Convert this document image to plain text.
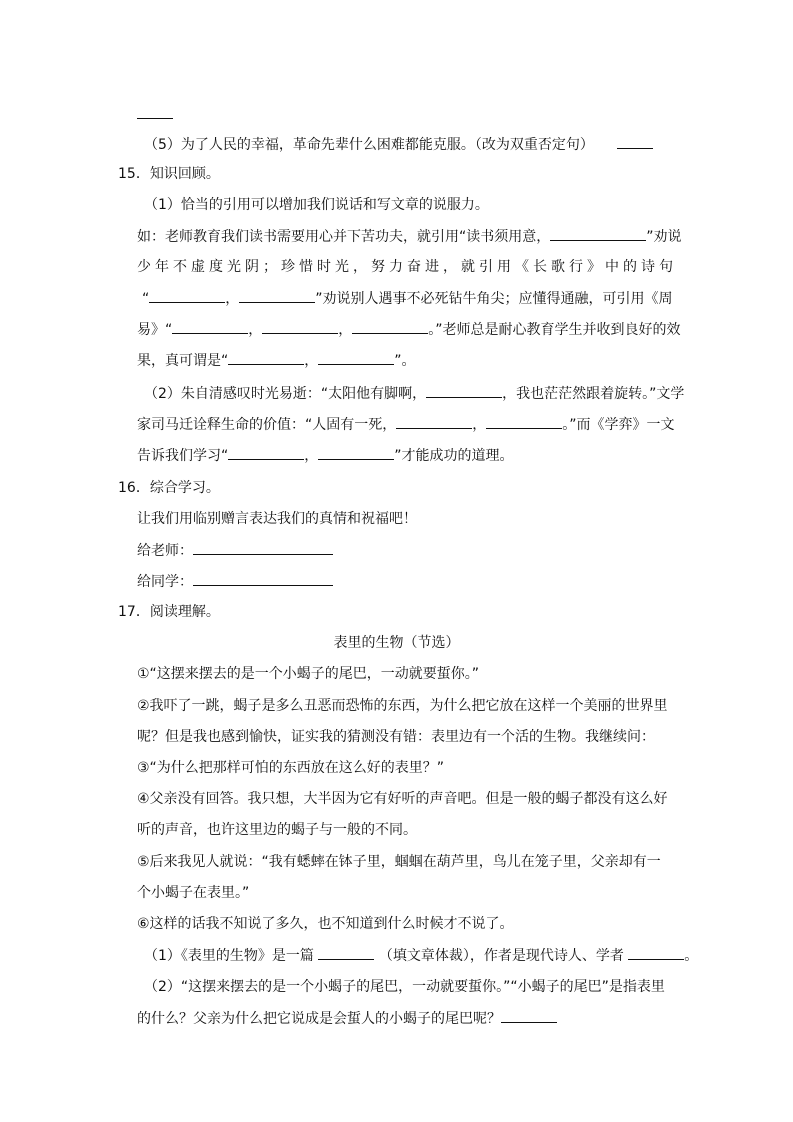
（5）为了人民的幸福，革命先辈什么困难都能克服。（改为双重否定句）
15．知识回顾。
（1）恰当的引用可以增加我们说话和写文章的说服力。
如：老师教育我们读书需要用心并下苦功夫，就引用“读书须用意，	”劝说
少 年 不 虚 度 光 阴 ； 珍 惜 时 光 ， 努 力 奋 进 ， 就 引 用 《 长 歌 行 》 中 的 诗 句
“	，	”劝说别人遇事不必死钻牛角尖；应懂得通融，可引用《周
易》“	，	，	。”老师总是耐心教育学生并收到良好的效
果，真可谓是“	，	”。
（2）朱自清感叹时光易逝：“太阳他有脚啊，	，我也茫茫然跟着旋转。”文学
家司马迁诠释生命的价值：“人固有一死，	，	。”而《学弈》一文
告诉我们学习“	，	”才能成功的道理。
16．综合学习。
让我们用临别赠言表达我们的真情和祝福吧！
给老师：
给同学：
17．阅读理解。
表里的生物（节选）
①“这摆来摆去的是一个小蝎子的尾巴，一动就要蜇你。”
②我吓了一跳，蝎子是多么丑恶而恐怖的东西，为什么把它放在这样一个美丽的世界里
呢？但是我也感到愉快，证实我的猜测没有错：表里边有一个活的生物。我继续问：
③“为什么把那样可怕的东西放在这么好的表里？”
④父亲没有回答。我只想，大半因为它有好听的声音吧。但是一般的蝎子都没有这么好
听的声音，也许这里边的蝎子与一般的不同。
⑤后来我见人就说：“我有蟋蟀在钵子里，蝈蝈在葫芦里，鸟儿在笼子里，父亲却有一
个小蝎子在表里。”
⑥这样的话我不知说了多久，也不知道到什么时候才不说了。
（1）《表里的生物》是一篇	（填文章体裁），作者是现代诗人、学者	。
（2）“这摆来摆去的是一个小蝎子的尾巴，一动就要蜇你。”“小蝎子的尾巴”是指表里
的什么？父亲为什么把它说成是会蜇人的小蝎子的尾巴呢？
